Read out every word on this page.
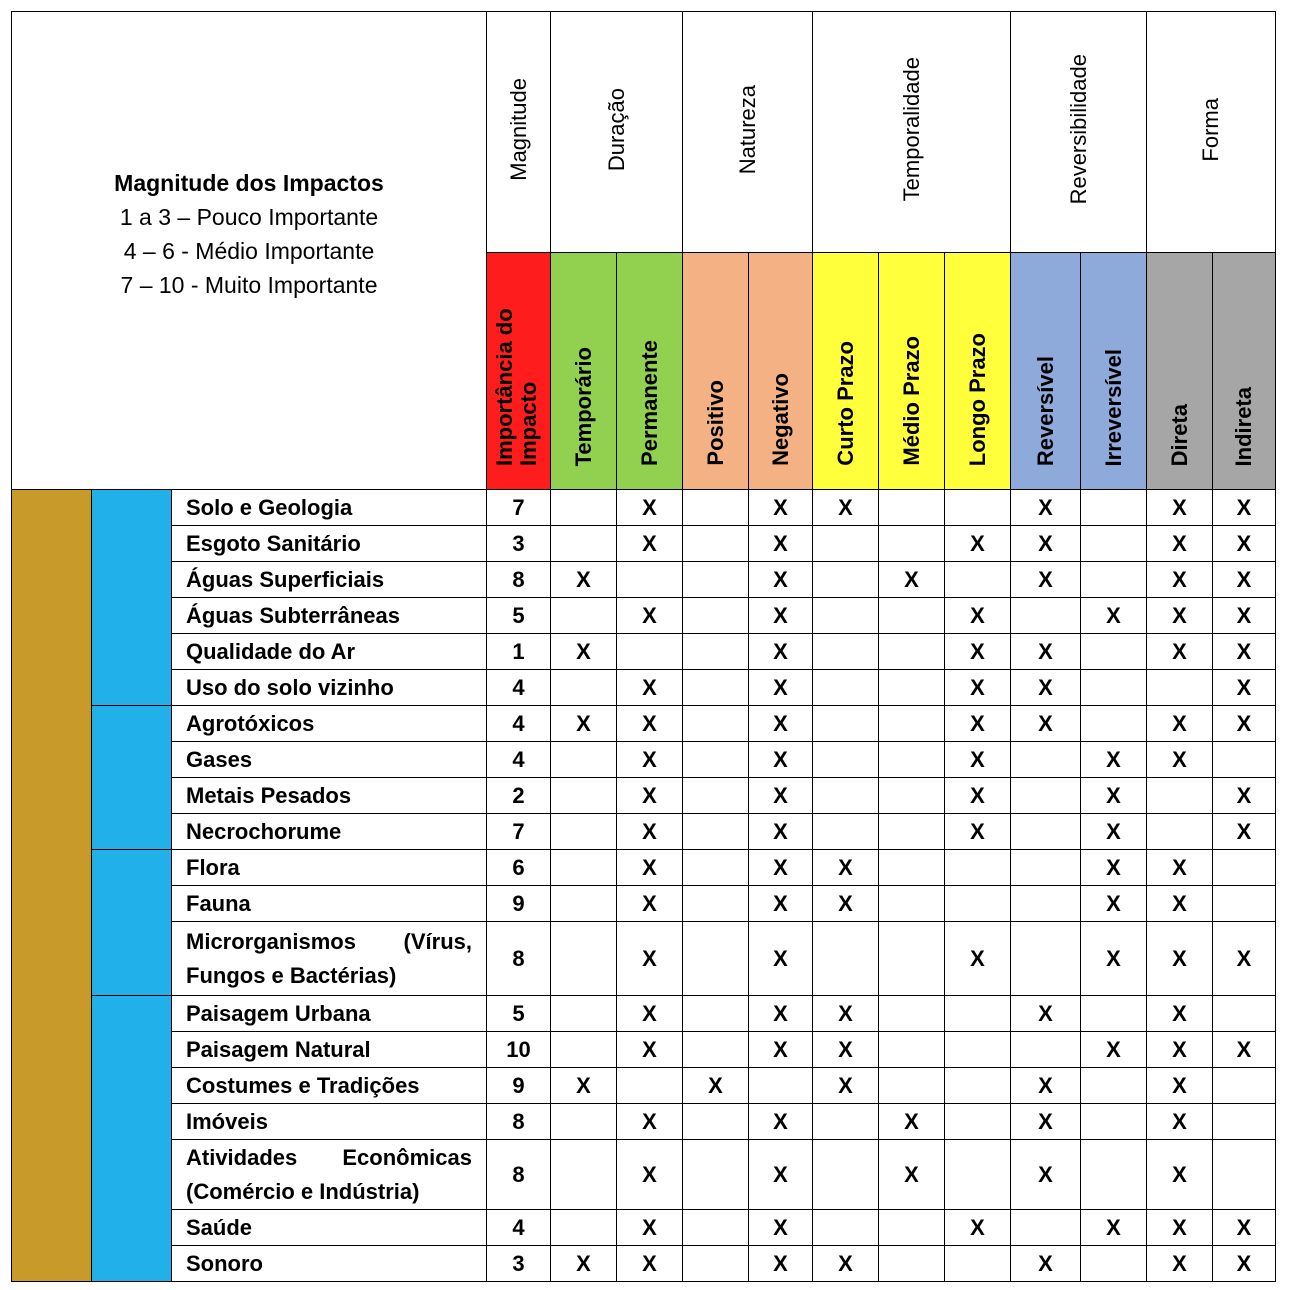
Magnitude dos Impactos
1 a 3 – Pouco Importante
4 – 6 - Médio Importante
7 – 10 - Muito Importante			Magnitude	Duração		Natureza		Temporalidade			Reversibilidade		Forma	
			Importância do Impacto	Temporário	Permanente	Positivo	Negativo	Curto Prazo	Médio Prazo	Longo Prazo	Reversível	Irreversível	Direta	Indireta
		Solo e Geologia	7		X		X	X			X		X	X
		Esgoto Sanitário	3		X		X			X	X		X	X
		Águas Superficiais	8	X			X		X		X		X	X
		Águas Subterrâneas	5		X		X			X		X	X	X
		Qualidade do Ar	1	X			X			X	X		X	X
		Uso do solo vizinho	4		X		X			X	X			X
		Agrotóxicos	4	X	X		X			X	X		X	X
		Gases	4		X		X			X		X	X	
		Metais Pesados	2		X		X			X		X		X
		Necrochorume	7		X		X			X		X		X
		Flora	6		X		X	X				X	X	
		Fauna	9		X		X	X				X	X	
		Microrganismos (Vírus, Fungos e Bactérias)	8		X		X			X		X	X	X
		Paisagem Urbana	5		X		X	X			X		X	
		Paisagem Natural	10		X		X	X				X	X	X
		Costumes e Tradições	9	X		X		X			X		X	
		Imóveis	8		X		X		X		X		X	
		Atividades Econômicas (Comércio e Indústria)	8		X		X		X		X		X	
		Saúde	4		X		X			X		X	X	X
		Sonoro	3	X	X		X	X			X		X	X
